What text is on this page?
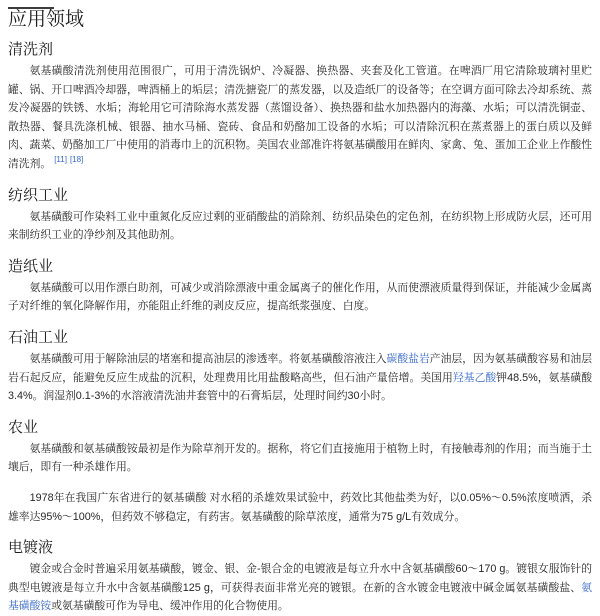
应用领域
清洗剂

氨基磺酸清洗剂使用范围很广，可用于清洗锅炉、冷凝器、换热器、夹套及化工管道。在啤酒厂用它清除玻璃衬里贮罐、锅、开口啤酒冷却器，啤酒桶上的垢层；清洗搪瓷厂的蒸发器，以及造纸厂的设备等；在空调方面可除去冷却系统、蒸发冷凝器的铁锈、水垢；海轮用它可清除海水蒸发器（蒸馏设备）、换热器和盐水加热器内的海藻、水垢；可以清洗铜壶、散热器、餐具洗涤机械、银器、抽水马桶、瓷砖、食品和奶酪加工设备的水垢；可以清除沉积在蒸煮器上的蛋白质以及鲜肉、蔬菜、奶酪加工厂中使用的消毒巾上的沉积物。美国农业部准许将氨基磺酸用在鲜肉、家禽、兔、蛋加工企业上作酸性清洗剂。 [11] [18]

纺织工业

氨基磺酸可作染料工业中重氮化反应过剩的亚硝酸盐的消除剂、纺织品染色的定色剂，在纺织物上形成防火层，还可用来制纺织工业的净纱剂及其他助剂。

造纸业

氨基磺酸可以用作漂白助剂，可减少或消除漂液中重金属离子的催化作用，从而使漂液质量得到保证，并能减少金属离子对纤维的氧化降解作用，亦能阻止纤维的剥皮反应，提高纸浆强度、白度。

石油工业

氨基磺酸可用于解除油层的堵塞和提高油层的渗透率。将氨基磺酸溶液注入碳酸盐岩产油层，因为氨基磺酸容易和油层岩石起反应，能避免反应生成盐的沉积，处理费用比用盐酸略高些，但石油产量倍增。美国用羟基乙酸钾48.5%，氨基磺酸3.4%。润湿剂0.1-3%的水溶液清洗油井套管中的石膏垢层，处理时间约30小时。

农业

氨基磺酸和氨基磺酸铵最初是作为除草剂开发的。据称，将它们直接施用于植物上时，有接触毒剂的作用；而当施于土壤后，即有一种杀雄作用。

1978年在我国广东省进行的氨基磺酸 对水稻的杀雄效果试验中，药效比其他盐类为好，以0.05%～0.5%浓度喷洒，杀雄率达95%～100%，但药效不够稳定，有药害。氨基磺酸的除草浓度，通常为75 g/L有效成分。

电镀液

镀金或合金时普遍采用氨基磺酸，镀金、银、金-银合金的电镀液是每立升水中含氨基磺酸60～170 g。镀银女服饰针的典型电镀液是每立升水中含氨基磺酸125 g，可获得表面非常光亮的镀银。在新的含水镀金电镀液中碱金属氨基磺酸盐、氨基磺酸铵或氨基磺酸可作为导电、缓冲作用的化合物使用。
